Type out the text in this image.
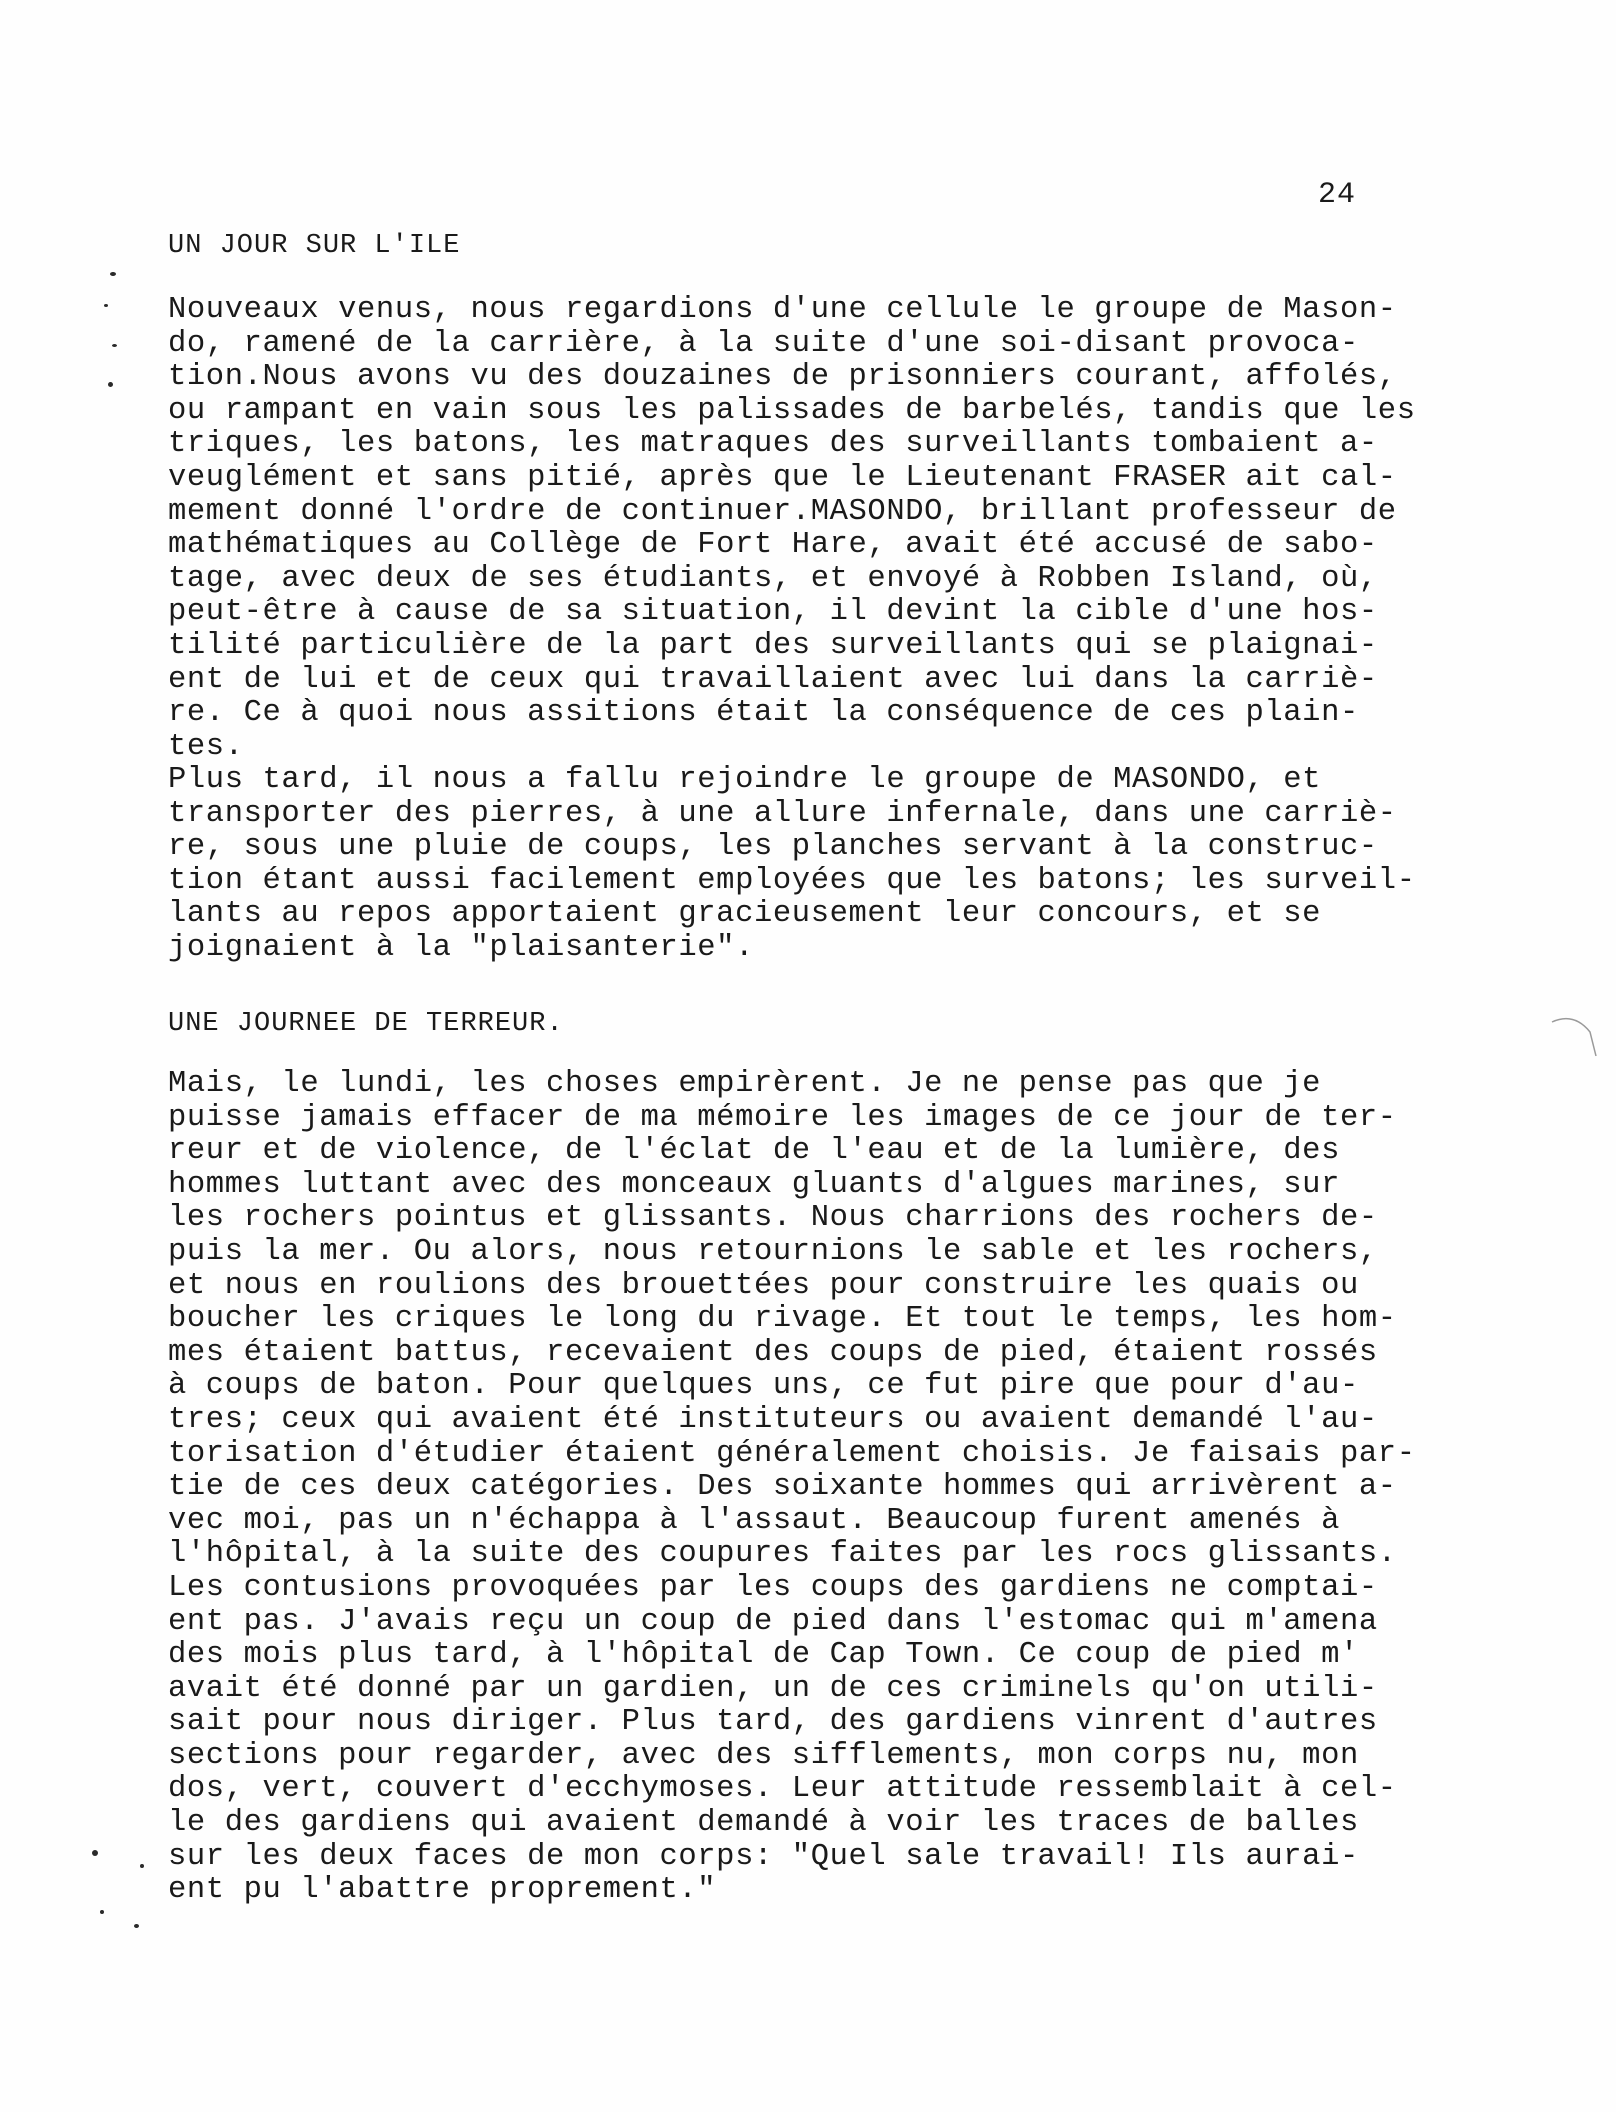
24
UN JOUR SUR L'ILE

Nouveaux venus, nous regardions d'une cellule le groupe de Mason-
do, ramené de la carrière, à la suite d'une soi-disant provoca-
tion.Nous avons vu des douzaines de prisonniers courant, affolés,
ou rampant en vain sous les palissades de barbelés, tandis que les
triques, les batons, les matraques des surveillants tombaient a-
veuglément et sans pitié, après que le Lieutenant FRASER ait cal-
mement donné l'ordre de continuer.MASONDO, brillant professeur de
mathématiques au Collège de Fort Hare, avait été accusé de sabo-
tage, avec deux de ses étudiants, et envoyé à Robben Island, où,
peut-être à cause de sa situation, il devint la cible d'une hos-
tilité particulière de la part des surveillants qui se plaignai-
ent de lui et de ceux qui travaillaient avec lui dans la carriè-
re. Ce à quoi nous assitions était la conséquence de ces plain-
tes.

Plus tard, il nous a fallu rejoindre le groupe de MASONDO, et
transporter des pierres, à une allure infernale, dans une carriè-
re, sous une pluie de coups, les planches servant à la construc-
tion étant aussi facilement employées que les batons; les surveil-
lants au repos apportaient gracieusement leur concours, et se
joignaient à la "plaisanterie".

UNE JOURNEE DE TERREUR.

Mais, le lundi, les choses empirèrent. Je ne pense pas que je
puisse jamais effacer de ma mémoire les images de ce jour de ter-
reur et de violence, de l'éclat de l'eau et de la lumière, des
hommes luttant avec des monceaux gluants d'algues marines, sur
les rochers pointus et glissants. Nous charrions des rochers de-
puis la mer. Ou alors, nous retournions le sable et les rochers,
et nous en roulions des brouettées pour construire les quais ou
boucher les criques le long du rivage. Et tout le temps, les hom-
mes étaient battus, recevaient des coups de pied, étaient rossés
à coups de baton. Pour quelques uns, ce fut pire que pour d'au-
tres; ceux qui avaient été instituteurs ou avaient demandé l'au-
torisation d'étudier étaient généralement choisis. Je faisais par-
tie de ces deux catégories. Des soixante hommes qui arrivèrent a-
vec moi, pas un n'échappa à l'assaut. Beaucoup furent amenés à
l'hôpital, à la suite des coupures faites par les rocs glissants.
Les contusions provoquées par les coups des gardiens ne comptai-
ent pas. J'avais reçu un coup de pied dans l'estomac qui m'amena
des mois plus tard, à l'hôpital de Cap Town. Ce coup de pied m'
avait été donné par un gardien, un de ces criminels qu'on utili-
sait pour nous diriger. Plus tard, des gardiens vinrent d'autres
sections pour regarder, avec des sifflements, mon corps nu, mon
dos, vert, couvert d'ecchymoses. Leur attitude ressemblait à cel-
le des gardiens qui avaient demandé à voir les traces de balles
sur les deux faces de mon corps: "Quel sale travail! Ils aurai-
ent pu l'abattre proprement."
